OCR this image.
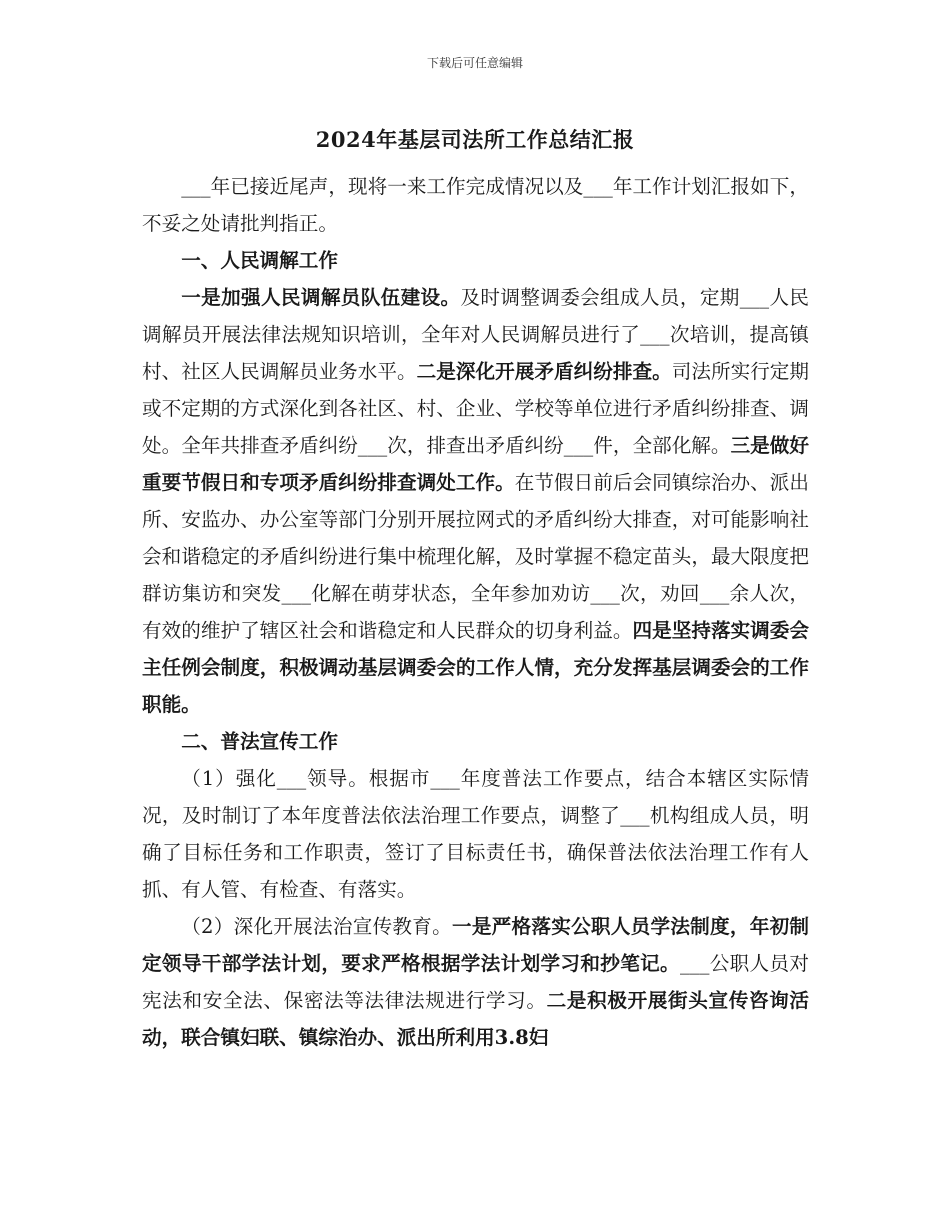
下载后可任意编辑
2024年基层司法所工作总结汇报

___年已接近尾声，现将一来工作完成情况以及___年工作计划汇报如下，不妥之处请批判指正。

一、人民调解工作

一是加强人民调解员队伍建设。及时调整调委会组成人员，定期___人民调解员开展法律法规知识培训，全年对人民调解员进行了___次培训，提高镇村、社区人民调解员业务水平。二是深化开展矛盾纠纷排查。司法所实行定期或不定期的方式深化到各社区、村、企业、学校等单位进行矛盾纠纷排查、调处。全年共排查矛盾纠纷___次，排查出矛盾纠纷___件，全部化解。三是做好重要节假日和专项矛盾纠纷排查调处工作。在节假日前后会同镇综治办、派出所、安监办、办公室等部门分别开展拉网式的矛盾纠纷大排查，对可能影响社会和谐稳定的矛盾纠纷进行集中梳理化解，及时掌握不稳定苗头，最大限度把群访集访和突发___化解在萌芽状态，全年参加劝访___次，劝回___余人次，有效的维护了辖区社会和谐稳定和人民群众的切身利益。四是坚持落实调委会主任例会制度，积极调动基层调委会的工作人情，充分发挥基层调委会的工作职能。

二、普法宣传工作

（1）强化___领导。根据市___年度普法工作要点，结合本辖区实际情况，及时制订了本年度普法依法治理工作要点，调整了___机构组成人员，明确了目标任务和工作职责，签订了目标责任书，确保普法依法治理工作有人抓、有人管、有检查、有落实。

（2）深化开展法治宣传教育。一是严格落实公职人员学法制度，年初制定领导干部学法计划，要求严格根据学法计划学习和抄笔记。___公职人员对宪法和安全法、保密法等法律法规进行学习。二是积极开展街头宣传咨询活动，联合镇妇联、镇综治办、派出所利用3.8妇
